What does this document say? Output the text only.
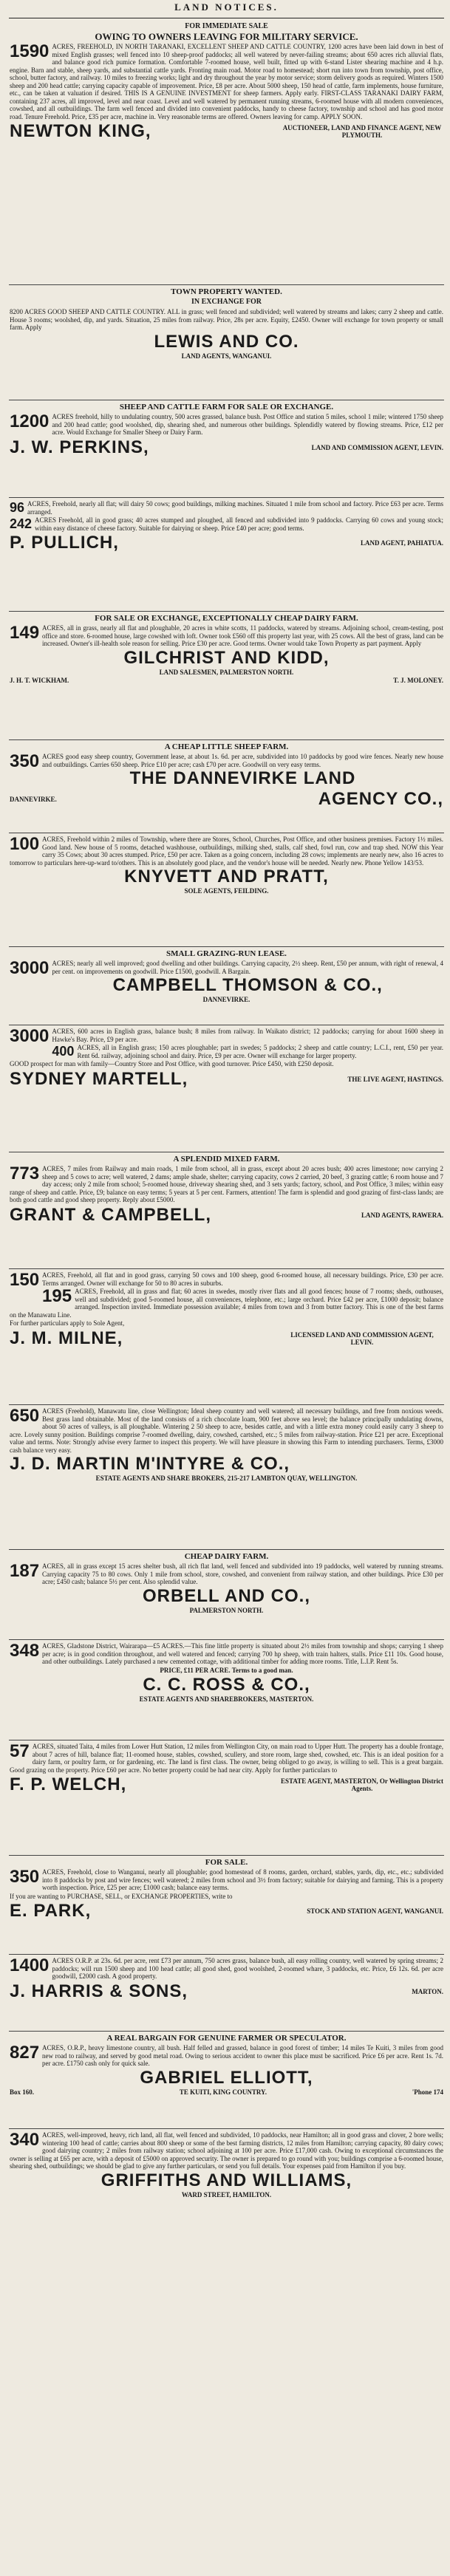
LAND NOTICES.
FOR IMMEDIATE SALE
OWING TO OWNERS LEAVING FOR MILITARY SERVICE.
1590 ACRES, FREEHOLD, IN NORTH TARANAKI, EXCELLENT SHEEP AND CATTLE COUNTRY, 1200 acres have been laid down in best of mixed English grasses; well fenced into 10 sheep-proof paddocks; all well watered by never-failing streams; about 650 acres rich alluvial flats, and balance good rich pumice formation. Comfortable 7-roomed house, well built, fitted up with 6-stand Lister shearing machine and 4 h.p. engine. Barn and stable, sheep yards, and substantial cattle yards. Fronting main road. Motor road to homestead; short run into town from township, post office, school, butter factory, and railway. 10 miles to freezing works; light and dry throughout the year by motor service; storm delivery goods as required. Winters 1500 sheep and 200 head cattle; carrying capacity capable of improvement. Price, £8 per acre. About 5000 sheep, 150 head of cattle, farm implements, house furniture, etc., can be taken at valuation if desired. THIS IS A GENUINE INVESTMENT for sheep farmers. Apply early. FIRST-CLASS TARANAKI DAIRY FARM, containing 237 acres, all improved, level and near coast. Level and well watered by permanent running streams, 6-roomed house with all modern conveniences, cowshed, and all outbuildings. The farm well fenced and divided into convenient paddocks, handy to cheese factory, township and school and has good motor road. Tenure Freehold. Price, £35 per acre, machine in. Very reasonable terms are offered. Owners leaving for camp. APPLY SOON.
NEWTON KING,	AUCTIONEER, LAND AND FINANCE AGENT, NEW PLYMOUTH.
TOWN PROPERTY WANTED.
IN EXCHANGE FOR
8200 ACRES GOOD SHEEP AND CATTLE COUNTRY. ALL in grass; well fenced and subdivided; well watered by streams and lakes; carry 2 sheep and cattle. House 3 rooms; woolshed, dip, and yards. Situation, 25 miles from railway. Price, 28s per acre. Equity, £2450. Owner will exchange for town property or small farm. Apply
LEWIS AND CO.
LAND AGENTS, WANGANUI.
SHEEP AND CATTLE FARM FOR SALE OR EXCHANGE.
1200 ACRES freehold, hilly to undulating country, 500 acres grassed, balance bush. Post Office and station 5 miles, school 1 mile; wintered 1750 sheep and 200 head cattle; good woolshed, dip, shearing shed, and numerous other buildings. Splendidly watered by flowing streams. Price, £12 per acre. Would Exchange for Smaller Sheep or Dairy Farm.
J. W. PERKINS,	LAND AND COMMISSION AGENT, LEVIN.
96 ACRES, Freehold, nearly all flat; will dairy 50 cows; good buildings, milking machines. Situated 1 mile from school and factory. Price £63 per acre. Terms arranged.
242 ACRES Freehold, all in good grass; 40 acres stumped and ploughed, all fenced and subdivided into 9 paddocks. Carrying 60 cows and young stock; within easy distance of cheese factory. Suitable for dairying or sheep. Price £40 per acre; good terms.
P. PULLICH,	LAND AGENT, PAHIATUA.
FOR SALE OR EXCHANGE, EXCEPTIONALLY CHEAP DAIRY FARM.
149 ACRES, all in grass, nearly all flat and ploughable, 20 acres in white scotts, 11 paddocks, watered by streams. Adjoining school, cream-testing, post office and store. 6-roomed house, large cowshed with loft. Owner took £560 off this property last year, with 25 cows. All the best of grass, land can be increased. Owner's ill-health sole reason for selling. Price £30 per acre. Good terms. Owner would take Town Property as part payment. Apply
GILCHRIST AND KIDD,
LAND SALESMEN, PALMERSTON NORTH.
J. H. T. WICKHAM.	T. J. MOLONEY.
A CHEAP LITTLE SHEEP FARM.
350 ACRES good easy sheep country, Government lease, at about 1s. 6d. per acre, subdivided into 10 paddocks by good wire fences. Nearly new house and outbuildings. Carries 650 sheep. Price £10 per acre; cash £70 per acre. Goodwill on very easy terms.
THE DANNEVIRKE LAND
DANNEVIRKE.	AGENCY CO.,
100 ACRES, Freehold within 2 miles of Township, where there are Stores, School, Churches, Post Office, and other business premises. Factory 1½ miles. Good land. New house of 5 rooms, detached washhouse, outbuildings, milking shed, stalls, calf shed, fowl run, cow and trap shed. NOW this Year carry 35 Cows; about 30 acres stumped. Price, £50 per acre. Taken as a going concern, including 28 cows; implements are nearly new, also 16 acres to tomorrow to particulars here-up-ward to/others. This is an absolutely good place, and the vendor's house will be needed. Nearly new. Phone Yellow 143/53.
KNYVETT AND PRATT,
SOLE AGENTS, FEILDING.
SMALL GRAZING-RUN LEASE.
3000 ACRES; nearly all well improved; good dwelling and other buildings. Carrying capacity, 2½ sheep. Rent, £50 per annum, with right of renewal, 4 per cent. on improvements on goodwill. Price £1500, goodwill. A Bargain.
CAMPBELL THOMSON & CO.,
DANNEVIRKE.
3000 ACRES, 600 acres in English grass, balance bush; 8 miles from railway. In Waikato district; 12 paddocks; carrying for about 1600 sheep in Hawke's Bay. Price, £9 per acre.
400 ACRES, all in English grass; 150 acres ploughable; part in swedes; 5 paddocks; 2 sheep and cattle country; L.C.I., rent, £50 per year. Rent 6d. railway, adjoining school and dairy. Price, £9 per acre. Owner will exchange for larger property.
GOOD prospect for man with family—Country Store and Post Office, with good turnover. Price £450, with £250 deposit.
SYDNEY MARTELL,	THE LIVE AGENT, HASTINGS.
A SPLENDID MIXED FARM.
773 ACRES, 7 miles from Railway and main roads, 1 mile from school, all in grass, except about 20 acres bush; 400 acres limestone; now carrying 2 sheep and 5 cows to acre; well watered, 2 dams; ample shade, shelter; carrying capacity, cows 2 carried, 20 beef, 3 grazing cattle; 6 room house and 7 day access; only 2 mile from school; 5-roomed house, driveway shearing shed, and 3 sets yards; factory, school, and Post Office, 3 miles; within easy range of sheep and cattle. Price, £9; balance on easy terms; 5 years at 5 per cent. Farmers, attention! The farm is splendid and good grazing of first-class lands; are both good cattle and good sheep property. Reply about £5000.
GRANT & CAMPBELL,	LAND AGENTS, RAWERA.
150 ACRES, Freehold, all flat and in good grass, carrying 50 cows and 100 sheep, good 6-roomed house, all necessary buildings. Price, £30 per acre. Terms arranged. Owner will exchange for 50 to 80 acres in suburbs.
195 ACRES, Freehold, all in grass and flat; 60 acres in swedes, mostly river flats and all good fences; house of 7 rooms; sheds, outhouses, well and subdivided; good 5-roomed house, all conveniences, telephone, etc.; large orchard. Price £42 per acre, £1000 deposit; balance arranged. Inspection invited. Immediate possession available; 4 miles from town and 3 from butter factory. This is one of the best farms on the Manawatu Line.
For further particulars apply to Sole Agent,
J. M. MILNE,	LICENSED LAND AND COMMISSION AGENT, LEVIN.
650 ACRES (Freehold), Manawatu line, close Wellington; Ideal sheep country and well watered; all necessary buildings, and free from noxious weeds. Best grass land obtainable. Most of the land consists of a rich chocolate loam, 900 feet above sea level; the balance principally undulating downs, about 50 acres of valleys, is all ploughable. Wintering 2 50 sheep to acre, besides cattle, and with a little extra money could easily carry 3 sheep to acre. Lovely sunny position. Buildings comprise 7-roomed dwelling, dairy, cowshed, cartshed, etc.; 5 miles from railway-station. Price £21 per acre. Exceptional value and terms. Note: Strongly advise every farmer to inspect this property. We will have pleasure in showing this Farm to intending purchasers. Terms, £3000 cash balance very easy.
J. D. MARTIN M'INTYRE & CO.,
ESTATE AGENTS AND SHARE BROKERS, 215-217 LAMBTON QUAY, WELLINGTON.
CHEAP DAIRY FARM.
187 ACRES, all in grass except 15 acres shelter bush, all rich flat land, well fenced and subdivided into 19 paddocks, well watered by running streams. Carrying capacity 75 to 80 cows. Only 1 mile from school, store, cowshed, and convenient from railway station, and other buildings. Price £30 per acre; £450 cash; balance 5½ per cent. Also splendid value.
ORBELL AND CO.,
PALMERSTON NORTH.
348 ACRES, Gladstone District, Wairarapa—£5 ACRES.—This fine little property is situated about 2½ miles from township and shops; carrying 1 sheep per acre; is in good condition throughout, and well watered and fenced; carrying 700 hp sheep, with train halters, stalls. Price £11 10s. Good house, and other outbuildings. Lately purchased a new cemented cottage, with additional timber for adding more rooms. Title, L.I.P. Rent 5s.
PRICE, £11 PER ACRE. Terms to a good man.
C. C. ROSS & CO.,
ESTATE AGENTS AND SHAREBROKERS, MASTERTON.
57 ACRES, situated Taita, 4 miles from Lower Hutt Station, 12 miles from Wellington City, on main road to Upper Hutt. The property has a double frontage, about 7 acres of hill, balance flat; 11-roomed house, stables, cowshed, scullery, and store room, large shed, cowshed, etc. This is an ideal position for a dairy farm, or poultry farm, or for gardening, etc. The land is first class. The owner, being obliged to go away, is willing to sell. This is a great bargain. Good grazing on the property. Price £60 per acre. No better property could be had near city. Apply for further particulars to
F. P. WELCH,	ESTATE AGENT, MASTERTON, Or Wellington District Agents.
FOR SALE.
350 ACRES, Freehold, close to Wanganui, nearly all ploughable; good homestead of 8 rooms, garden, orchard, stables, yards, dip, etc., etc.; subdivided into 8 paddocks by post and wire fences; well watered; 2 miles from school and 3½ from factory; suitable for dairying and farming. This is a property worth inspection. Price, £25 per acre; £1000 cash; balance easy terms.
If you are wanting to PURCHASE, SELL, or EXCHANGE PROPERTIES, write to
E. PARK,	STOCK AND STATION AGENT, WANGANUI.
1400 ACRES O.R.P. at 23s. 6d. per acre, rent £73 per annum, 750 acres grass, balance bush, all easy rolling country, well watered by spring streams; 2 paddocks; will run 1500 sheep and 100 head cattle; all good shed, good woolshed, 2-roomed whare, 3 paddocks, etc. Price, £6 12s. 6d. per acre goodwill, £2000 cash. A good property.
J. HARRIS & SONS,	MARTON.
A REAL BARGAIN FOR GENUINE FARMER OR SPECULATOR.
827 ACRES, O.R.P., heavy limestone country, all bush. Half felled and grassed, balance in good forest of timber; 14 miles Te Kuiti, 3 miles from good new road to railway, and served by good metal road. Owing to serious accident to owner this place must be sacrificed. Price £6 per acre. Rent 1s. 7d. per acre. £1750 cash only for quick sale.
GABRIEL ELLIOTT,
Box 160.	TE KUITI, KING COUNTRY.	'Phone 174
340 ACRES, well-improved, heavy, rich land, all flat, well fenced and subdivided, 10 paddocks, near Hamilton; all in good grass and clover, 2 bore wells; wintering 100 head of cattle; carries about 800 sheep or some of the best farming districts, 12 miles from Hamilton; carrying capacity, 80 dairy cows; good dairying country; 2 miles from railway station; school adjoining at 100 per acre. Price £17,000 cash. Owing to exceptional circumstances the owner is selling at £65 per acre, with a deposit of £5000 on approved security. The owner is prepared to go round with you; buildings comprise a 6-roomed house, shearing shed, outbuildings; we should be glad to give any further particulars, or send you full details. Your expenses paid from Hamilton if you buy.
GRIFFITHS AND WILLIAMS,
WARD STREET, HAMILTON.
